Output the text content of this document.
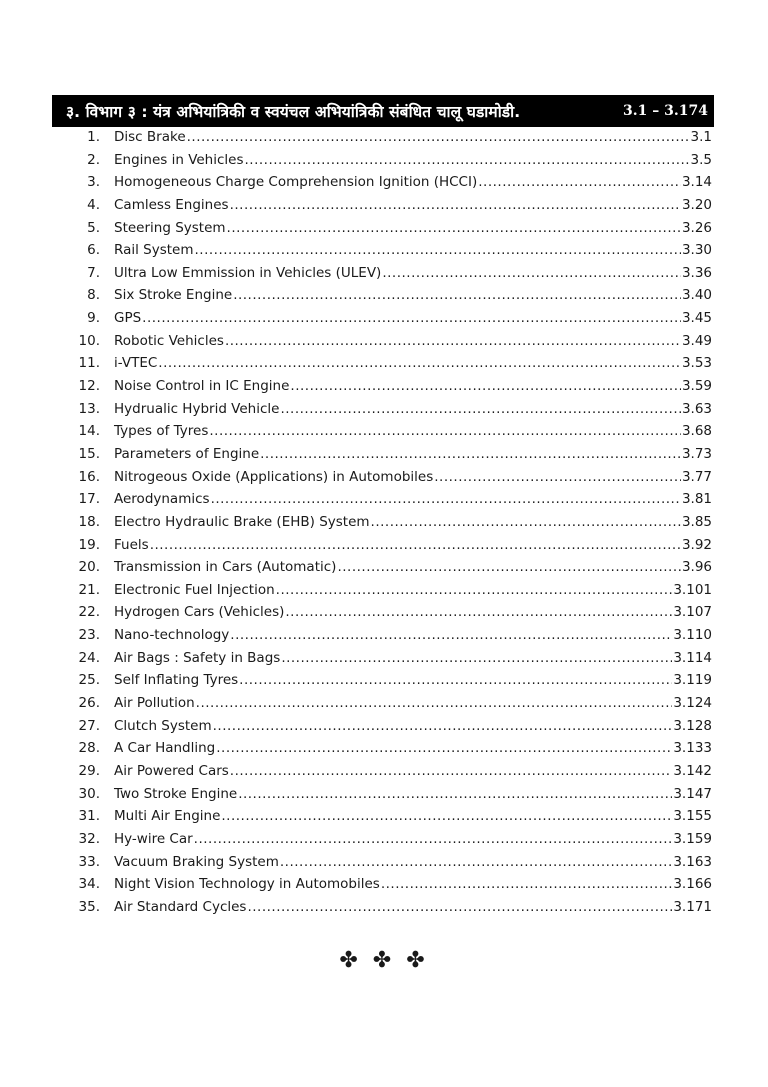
३. विभाग ३ : यंत्र अभियांत्रिकी व स्वयंचल अभियांत्रिकी संबंधित चालू घडामोडी.	3.1 – 3.174
1.	Disc Brake .....	3.1
2.	Engines in Vehicles .....	3.5
3.	Homogeneous Charge Comprehension Ignition (HCCI) .....	3.14
4.	Camless Engines .....	3.20
5.	Steering System .....	3.26
6.	Rail System .....	3.30
7.	Ultra Low Emmission in Vehicles (ULEV) .....	3.36
8.	Six Stroke Engine .....	3.40
9.	GPS .....	3.45
10.	Robotic Vehicles .....	3.49
11.	i-VTEC .....	3.53
12.	Noise Control in IC Engine .....	3.59
13.	Hydrualic Hybrid Vehicle .....	3.63
14.	Types of Tyres .....	3.68
15.	Parameters of Engine .....	3.73
16.	Nitrogeous Oxide (Applications) in Automobiles .....	3.77
17.	Aerodynamics .....	3.81
18.	Electro Hydraulic Brake (EHB) System .....	3.85
19.	Fuels .....	3.92
20.	Transmission in Cars (Automatic) .....	3.96
21.	Electronic Fuel Injection .....	3.101
22.	Hydrogen Cars (Vehicles) .....	3.107
23.	Nano-technology .....	3.110
24.	Air Bags : Safety in Bags .....	3.114
25.	Self Inflating Tyres .....	3.119
26.	Air Pollution .....	3.124
27.	Clutch System .....	3.128
28.	A Car Handling .....	3.133
29.	Air Powered Cars .....	3.142
30.	Two Stroke Engine .....	3.147
31.	Multi Air Engine .....	3.155
32.	Hy-wire Car .....	3.159
33.	Vacuum Braking System .....	3.163
34.	Night Vision Technology in Automobiles .....	3.166
35.	Air Standard Cycles .....	3.171
✤ ✤ ✤
